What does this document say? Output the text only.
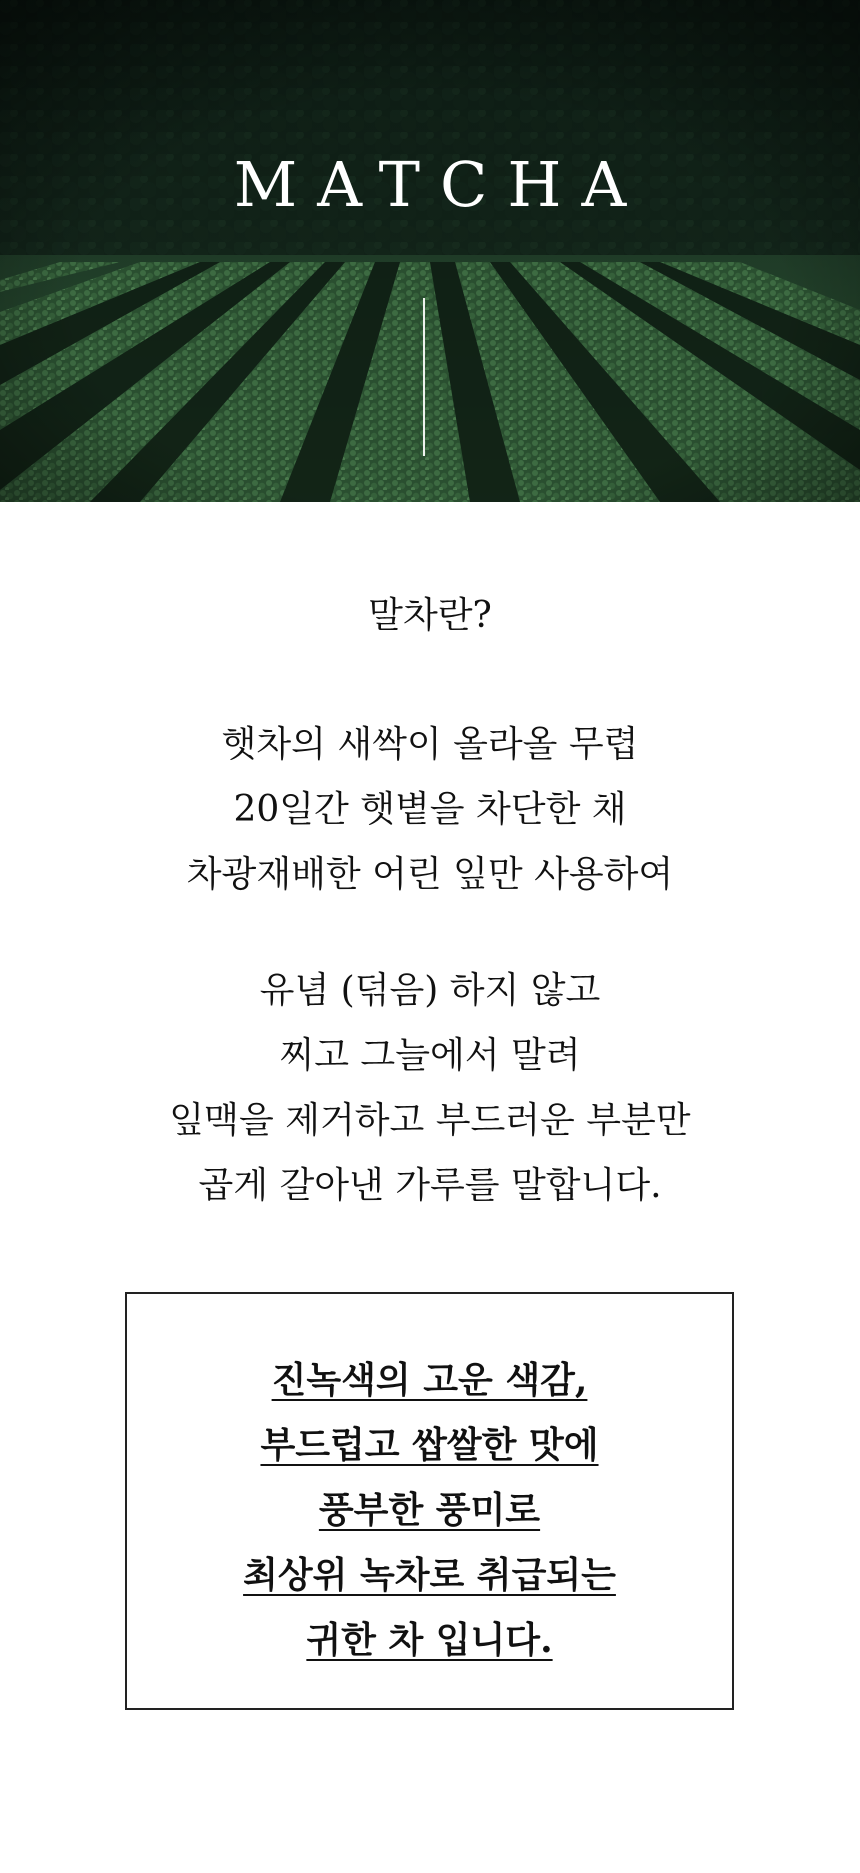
MATCHA
말차란?
햇차의 새싹이 올라올 무렵
20일간 햇볕을 차단한 채
차광재배한 어린 잎만 사용하여
유념 (덖음) 하지 않고
찌고 그늘에서 말려
잎맥을 제거하고 부드러운 부분만
곱게 갈아낸 가루를 말합니다.
진녹색의 고운 색감,
부드럽고 쌉쌀한 맛에
풍부한 풍미로
최상위 녹차로 취급되는
귀한 차 입니다.
